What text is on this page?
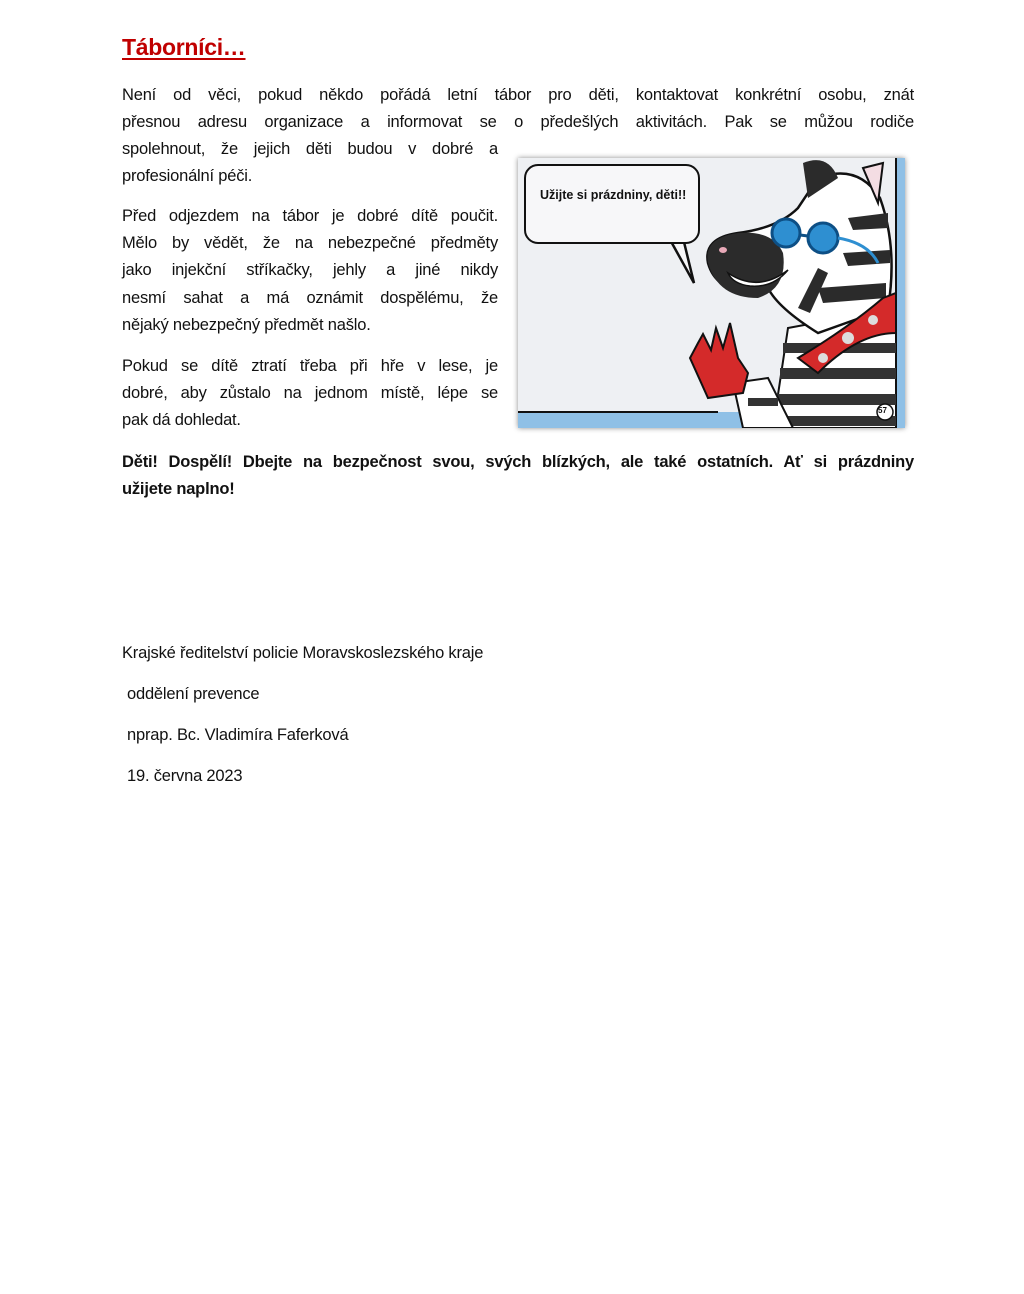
Táborníci…
Není od věci, pokud někdo pořádá letní tábor pro děti, kontaktovat konkrétní osobu, znát
přesnou adresu organizace a informovat se o předešlých aktivitách. Pak se můžou rodiče
spolehnout, že jejich děti budou v dobré a
profesionální péči.
Před odjezdem na tábor je dobré dítě poučit.
Mělo by vědět, že na nebezpečné předměty
jako injekční stříkačky, jehly a jiné nikdy
nesmí sahat a má oznámit dospělému, že
nějaký nebezpečný předmět našlo.
Pokud se dítě ztratí třeba při hře v lese, je
dobré, aby zůstalo na jednom místě, lépe se
pak dá dohledat.
Děti! Dospělí! Dbejte na bezpečnost svou, svých blízkých, ale také ostatních. Ať si prázdniny
užijete naplno!
Užijte si prázdniny, děti!!
57
Krajské ředitelství policie Moravskoslezského kraje
oddělení prevence
nprap. Bc. Vladimíra Faferková
19. června 2023
